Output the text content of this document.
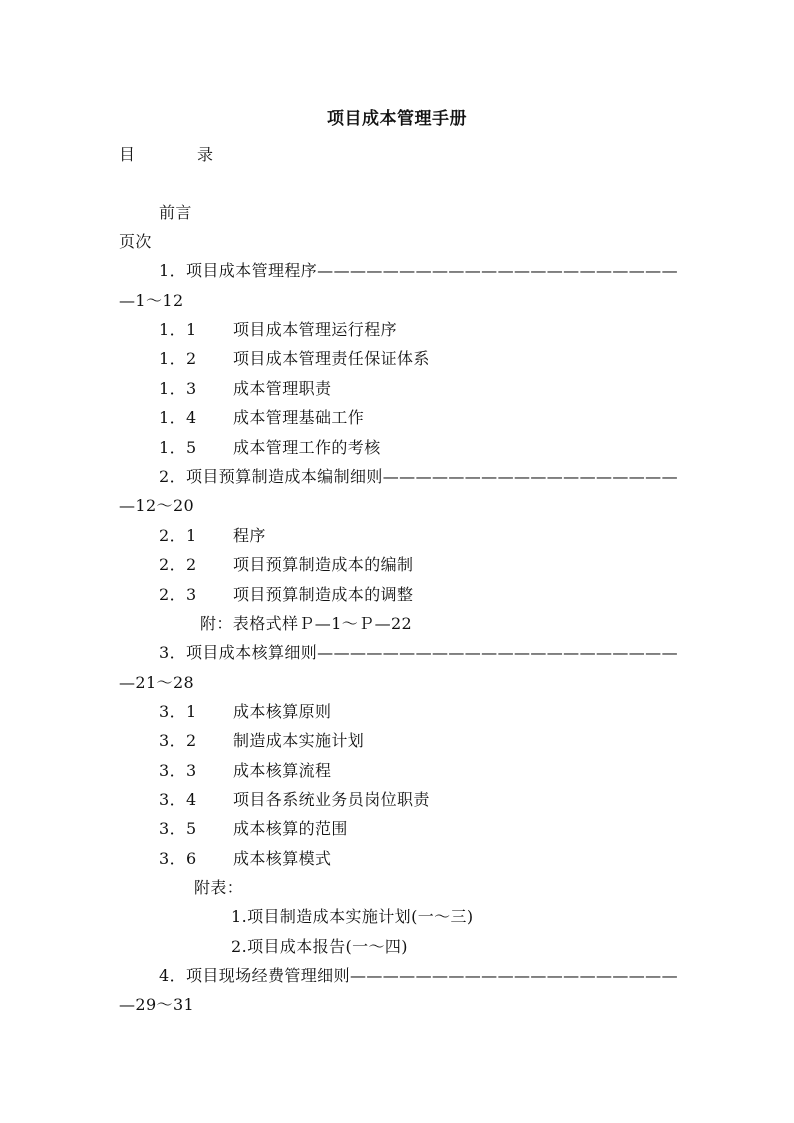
项目成本管理手册
目	录
前言
页次
1．项目成本管理程序——————————————————————
—1～12
1．1 项目成本管理运行程序
1．2 项目成本管理责任保证体系
1．3 成本管理职责
1．4 成本管理基础工作
1．5 成本管理工作的考核
2．项目预算制造成本编制细则——————————————————
—12～20
2．1 程序
2．2 项目预算制造成本的编制
2．3 项目预算制造成本的调整
附：表格式样Ｐ—1～Ｐ—22
3．项目成本核算细则——————————————————————
—21～28
3．1 成本核算原则
3．2 制造成本实施计划
3．3 成本核算流程
3．4 项目各系统业务员岗位职责
3．5 成本核算的范围
3．6 成本核算模式
附表：
1.项目制造成本实施计划(一～三)
2.项目成本报告(一～四)
4．项目现场经费管理细则————————————————————
—29～31
